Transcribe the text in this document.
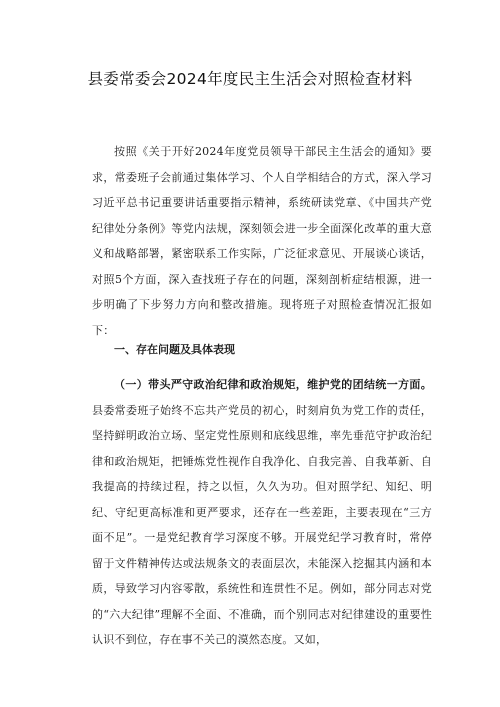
县委常委会2024年度民主生活会对照检查材料

按照《关于开好2024年度党员领导干部民主生活会的通知》要求，常委班子会前通过集体学习、个人自学相结合的方式，深入学习习近平总书记重要讲话重要指示精神，系统研读党章、《中国共产党纪律处分条例》等党内法规，深刻领会进一步全面深化改革的重大意义和战略部署，紧密联系工作实际，广泛征求意见、开展谈心谈话，对照5个方面，深入查找班子存在的问题，深刻剖析症结根源，进一步明确了下步努力方向和整改措施。现将班子对照检查情况汇报如下：

一、存在问题及具体表现

（一）带头严守政治纪律和政治规矩，维护党的团结统一方面。县委常委班子始终不忘共产党员的初心，时刻肩负为党工作的责任，坚持鲜明政治立场、坚定党性原则和底线思维，率先垂范守护政治纪律和政治规矩，把锤炼党性视作自我净化、自我完善、自我革新、自我提高的持续过程，持之以恒，久久为功。但对照学纪、知纪、明纪、守纪更高标准和更严要求，还存在一些差距，主要表现在“三方面不足”。一是党纪教育学习深度不够。开展党纪学习教育时，常停留于文件精神传达或法规条文的表面层次，未能深入挖掘其内涵和本质，导致学习内容零散，系统性和连贯性不足。例如，部分同志对党的“六大纪律”理解不全面、不准确，而个别同志对纪律建设的重要性认识不到位，存在事不关己的漠然态度。又如，
